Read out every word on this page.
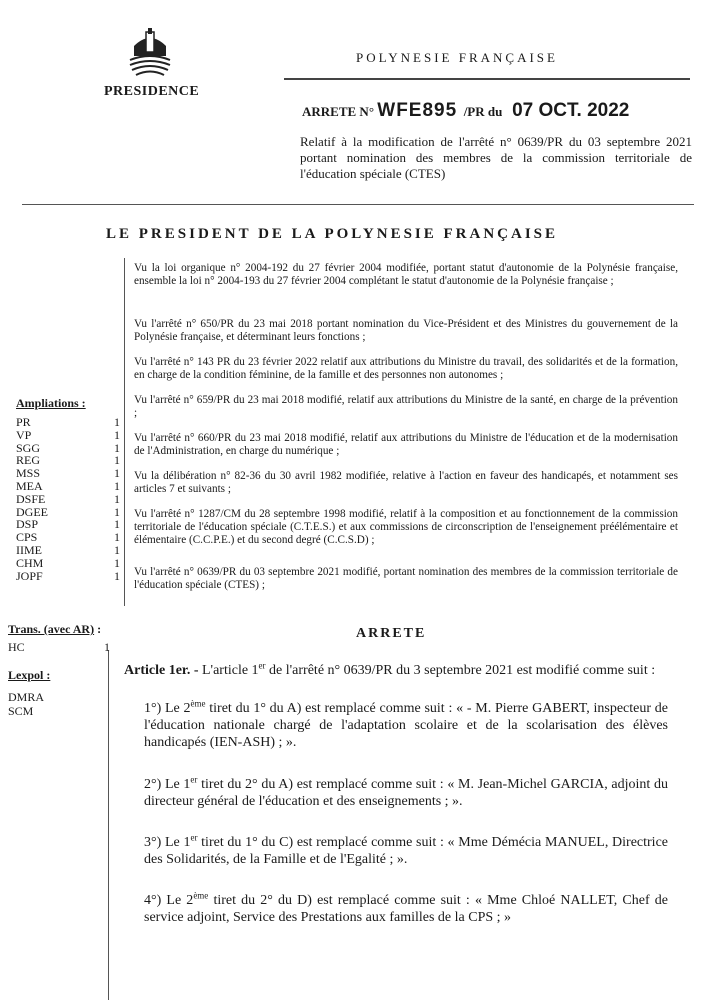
PRESIDENCE
POLYNESIE FRANÇAISE
ARRETE N° WFE895 /PR du 07 OCT. 2022
Relatif à la modification de l'arrêté n° 0639/PR du 03 septembre 2021 portant nomination des membres de la commission territoriale de l'éducation spéciale (CTES)
LE PRESIDENT DE LA POLYNESIE FRANÇAISE
Vu la loi organique n° 2004-192 du 27 février 2004 modifiée, portant statut d'autonomie de la Polynésie française, ensemble la loi n° 2004-193 du 27 février 2004 complétant le statut d'autonomie de la Polynésie française ;
Vu l'arrêté n° 650/PR du 23 mai 2018 portant nomination du Vice-Président et des Ministres du gouvernement de la Polynésie française, et déterminant leurs fonctions ;
Vu l'arrêté n° 143 PR du 23 février 2022 relatif aux attributions du Ministre du travail, des solidarités et de la formation, en charge de la condition féminine, de la famille et des personnes non autonomes ;
Vu l'arrêté n° 659/PR du 23 mai 2018 modifié, relatif aux attributions du Ministre de la santé, en charge de la prévention ;
Vu l'arrêté n° 660/PR du 23 mai 2018 modifié, relatif aux attributions du Ministre de l'éducation et de la modernisation de l'Administration, en charge du numérique ;
Vu la délibération n° 82-36 du 30 avril 1982 modifiée, relative à l'action en faveur des handicapés, et notamment ses articles 7 et suivants ;
Vu l'arrêté n° 1287/CM du 28 septembre 1998 modifié, relatif à la composition et au fonctionnement de la commission territoriale de l'éducation spéciale (C.T.E.S.) et aux commissions de circonscription de l'enseignement préélémentaire et élémentaire (C.C.P.E.) et du second degré (C.C.S.D) ;
Vu l'arrêté n° 0639/PR du 03 septembre 2021 modifié, portant nomination des membres de la commission territoriale de l'éducation spéciale (CTES) ;
Ampliations :
PR	1
VP	1
SGG	1
REG	1
MSS	1
MEA	1
DSFE	1
DGEE	1
DSP	1
CPS	1
IIME	1
CHM	1
JOPF	1
Trans. (avec AR) :
HC	1
Lexpol :
DMRA
SCM
ARRETE
Article 1er. - L'article 1er de l'arrêté n° 0639/PR du 3 septembre 2021 est modifié comme suit :
1°) Le 2ème tiret du 1° du A) est remplacé comme suit : « - M. Pierre GABERT, inspecteur de l'éducation nationale chargé de l'adaptation scolaire et de la scolarisation des élèves handicapés (IEN-ASH) ; ».
2°) Le 1er tiret du 2° du A) est remplacé comme suit : « M. Jean-Michel GARCIA, adjoint du directeur général de l'éducation et des enseignements ; ».
3°) Le 1er tiret du 1° du C) est remplacé comme suit : « Mme Démécia MANUEL, Directrice des Solidarités, de la Famille et de l'Egalité ; ».
4°) Le 2ème tiret du 2° du D) est remplacé comme suit : « Mme Chloé NALLET, Chef de service adjoint, Service des Prestations aux familles de la CPS ; »
